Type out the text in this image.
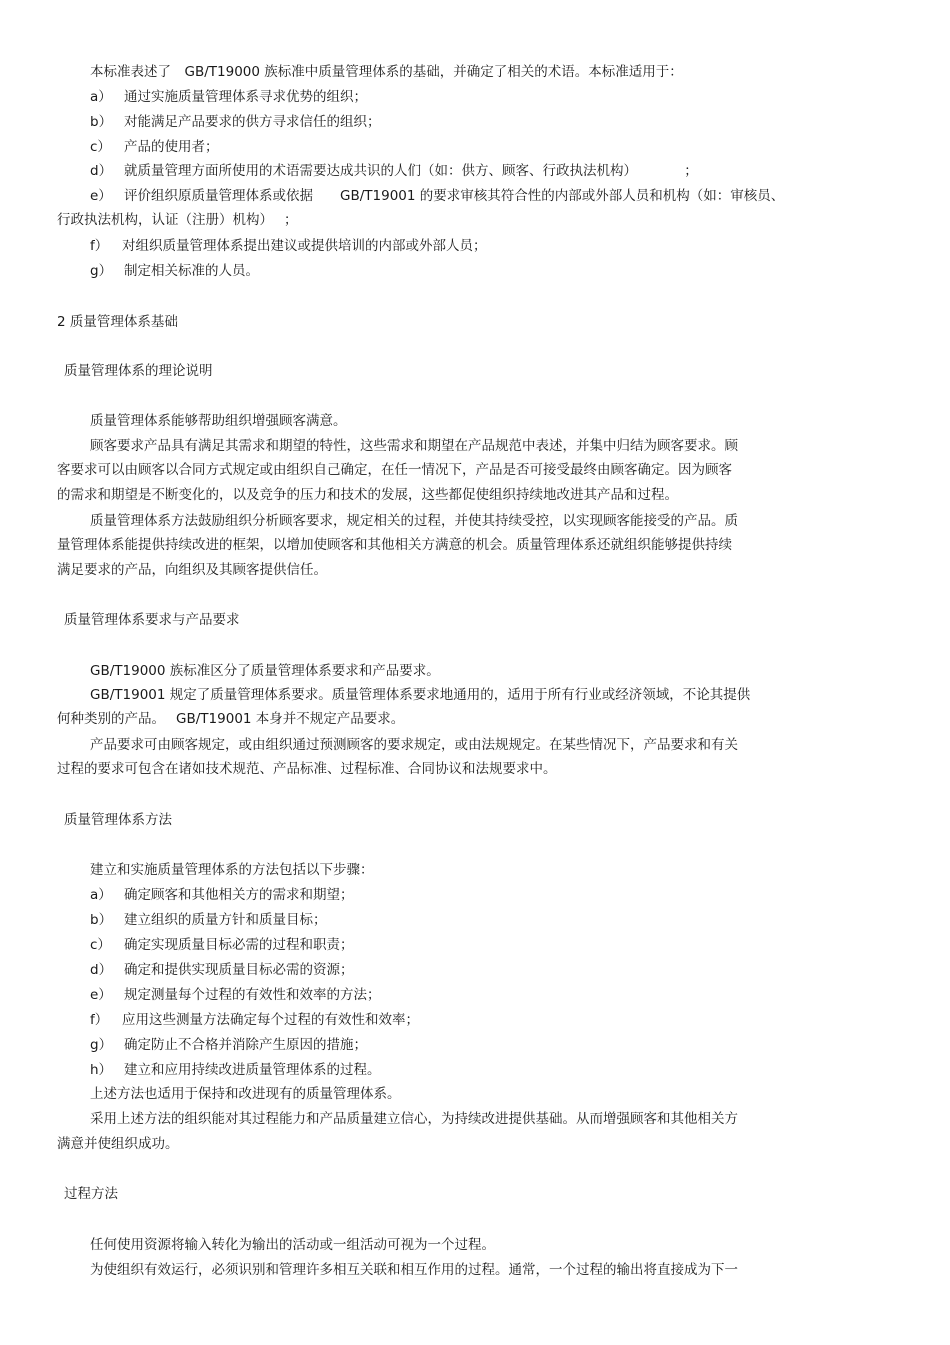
本标准表述了　GB/T19000 族标准中质量管理体系的基础，并确定了相关的术语。本标准适用于：
a） 通过实施质量管理体系寻求优势的组织；
b） 对能满足产品要求的供方寻求信任的组织；
c） 产品的使用者；
d） 就质量管理方面所使用的术语需要达成共识的人们（如：供方、顾客、行政执法机构）　　　　；
e） 评价组织原质量管理体系或依据　　GB/T19001 的要求审核其符合性的内部或外部人员和机构（如：审核员、
行政执法机构，认证（注册）机构）　 ；
f） 对组织质量管理体系提出建议或提供培训的内部或外部人员；
g） 制定相关标准的人员。
2 质量管理体系基础
质量管理体系的理论说明
质量管理体系能够帮助组织增强顾客满意。
顾客要求产品具有满足其需求和期望的特性，这些需求和期望在产品规范中表述，并集中归结为顾客要求。顾
客要求可以由顾客以合同方式规定或由组织自己确定，在任一情况下，产品是否可接受最终由顾客确定。因为顾客
的需求和期望是不断变化的，以及竞争的压力和技术的发展，这些都促使组织持续地改进其产品和过程。
质量管理体系方法鼓励组织分析顾客要求，规定相关的过程，并使其持续受控，以实现顾客能接受的产品。质
量管理体系能提供持续改进的框架，以增加使顾客和其他相关方满意的机会。质量管理体系还就组织能够提供持续
满足要求的产品，向组织及其顾客提供信任。
质量管理体系要求与产品要求
GB/T19000 族标准区分了质量管理体系要求和产品要求。
GB/T19001 规定了质量管理体系要求。质量管理体系要求地通用的，适用于所有行业或经济领域，不论其提供
何种类别的产品。　 GB/T19001 本身并不规定产品要求。
产品要求可由顾客规定，或由组织通过预测顾客的要求规定，或由法规规定。在某些情况下，产品要求和有关
过程的要求可包含在诸如技术规范、产品标准、过程标准、合同协议和法规要求中。
质量管理体系方法
建立和实施质量管理体系的方法包括以下步骤：
a） 确定顾客和其他相关方的需求和期望；
b） 建立组织的质量方针和质量目标；
c） 确定实现质量目标必需的过程和职责；
d） 确定和提供实现质量目标必需的资源；
e） 规定测量每个过程的有效性和效率的方法；
f） 应用这些测量方法确定每个过程的有效性和效率；
g） 确定防止不合格并消除产生原因的措施；
h） 建立和应用持续改进质量管理体系的过程。
上述方法也适用于保持和改进现有的质量管理体系。
采用上述方法的组织能对其过程能力和产品质量建立信心，为持续改进提供基础。从而增强顾客和其他相关方
满意并使组织成功。
过程方法
任何使用资源将输入转化为输出的活动或一组活动可视为一个过程。
为使组织有效运行，必须识别和管理许多相互关联和相互作用的过程。通常，一个过程的输出将直接成为下一
